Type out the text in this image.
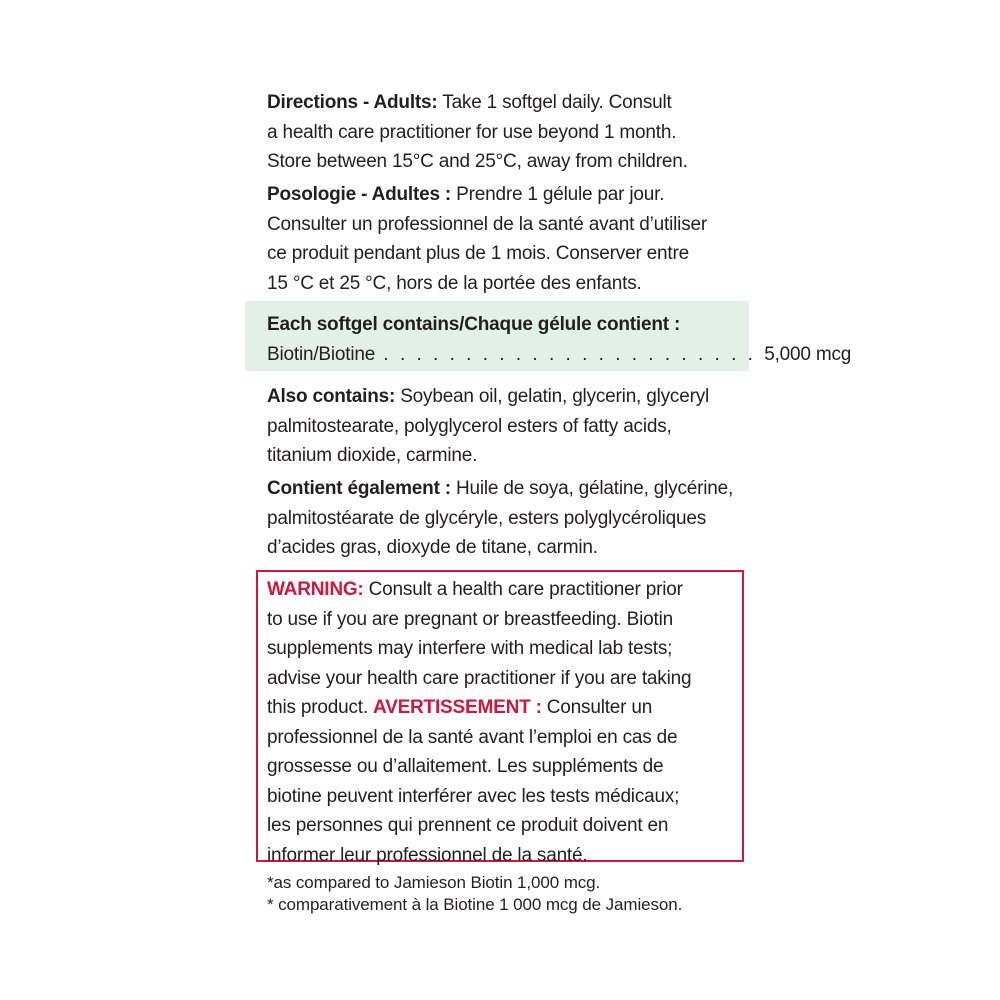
Directions - Adults: Take 1 softgel daily. Consult
a health care practitioner for use beyond 1 month.
Store between 15°C and 25°C, away from children.
Posologie - Adultes : Prendre 1 gélule par jour.
Consulter un professionnel de la santé avant d’utiliser
ce produit pendant plus de 1 mois. Conserver entre
15 °C et 25 °C, hors de la portée des enfants.
Each softgel contains/Chaque gélule contient :
Biotin/Biotine . . . . . . . . . . . . . . . . . . . . . . . 5,000 mcg
Also contains: Soybean oil, gelatin, glycerin, glyceryl
palmitostearate, polyglycerol esters of fatty acids,
titanium dioxide, carmine.
Contient également : Huile de soya, gélatine, glycérine,
palmitostéarate de glycéryle, esters polyglycéroliques
d’acides gras, dioxyde de titane, carmin.
WARNING: Consult a health care practitioner prior
to use if you are pregnant or breastfeeding. Biotin
supplements may interfere with medical lab tests;
advise your health care practitioner if you are taking
this product. AVERTISSEMENT : Consulter un
professionnel de la santé avant l’emploi en cas de
grossesse ou d’allaitement. Les suppléments de
biotine peuvent interférer avec les tests médicaux;
les personnes qui prennent ce produit doivent en
informer leur professionnel de la santé.
*as compared to Jamieson Biotin 1,000 mcg.
* comparativement à la Biotine 1 000 mcg de Jamieson.
